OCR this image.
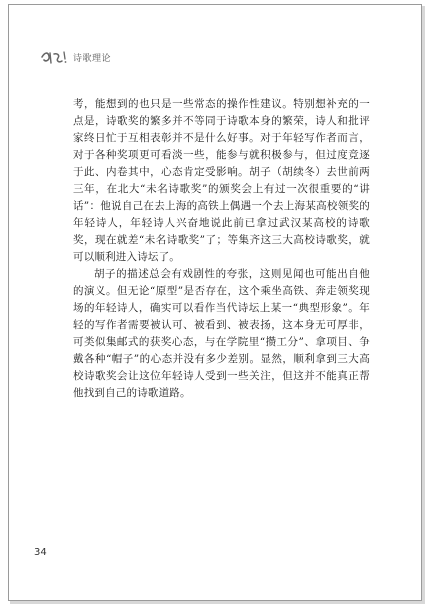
诗歌理论

考，能想到的也只是一些常态的操作性建议。特别想补充的一点是，诗歌奖的繁多并不等同于诗歌本身的繁荣，诗人和批评家终日忙于互相表彰并不是什么好事。对于年轻写作者而言，对于各种奖项更可看淡一些，能参与就积极参与，但过度竞逐于此、内卷其中，心态肯定受影响。胡子（胡续冬）去世前两三年，在北大“未名诗歌奖”的颁奖会上有过一次很重要的“讲话”：他说自己在去上海的高铁上偶遇一个去上海某高校领奖的年轻诗人，年轻诗人兴奋地说此前已拿过武汉某高校的诗歌奖，现在就差“未名诗歌奖”了；等集齐这三大高校诗歌奖，就可以顺利进入诗坛了。

胡子的描述总会有戏剧性的夸张，这则见闻也可能出自他的演义。但无论“原型”是否存在，这个乘坐高铁、奔走领奖现场的年轻诗人，确实可以看作当代诗坛上某一“典型形象”。年轻的写作者需要被认可、被看到、被表扬，这本身无可厚非，可类似集邮式的获奖心态，与在学院里“攒工分”、拿项目、争戴各种“帽子”的心态并没有多少差别。显然，顺利拿到三大高校诗歌奖会让这位年轻诗人受到一些关注，但这并不能真正帮他找到自己的诗歌道路。

34
